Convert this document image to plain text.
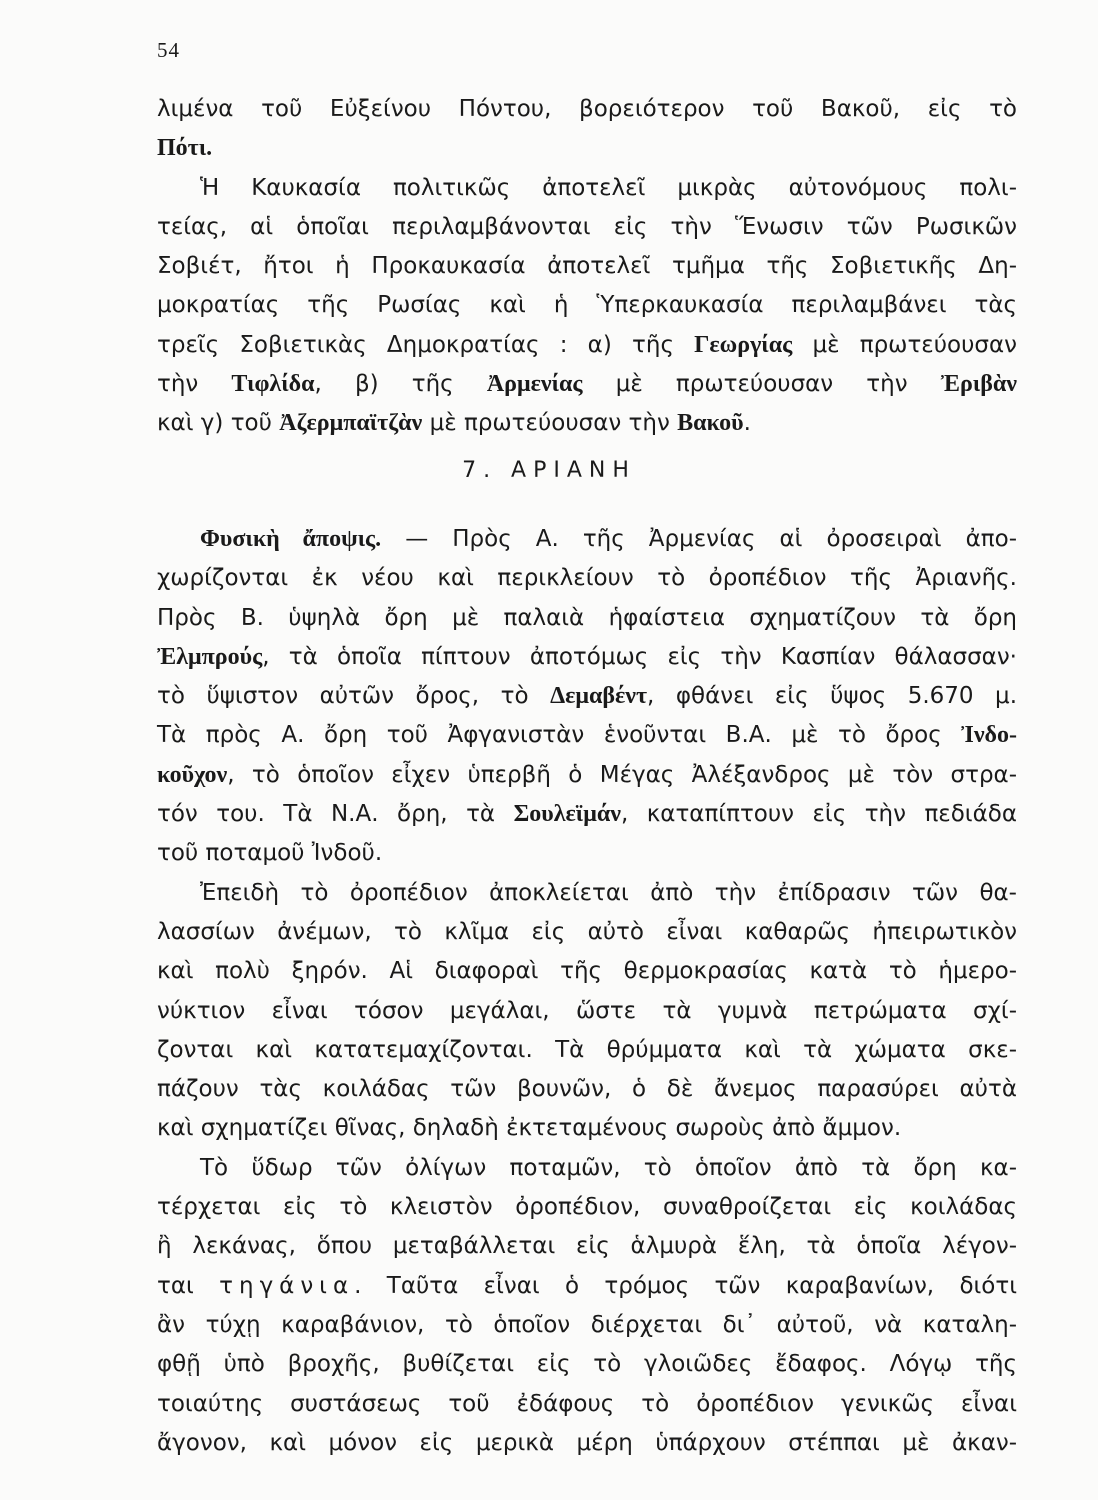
54
λιμένα τοῦ Εὐξείνου Πόντου, βορειότερον τοῦ Βακοῦ, εἰς τὸ
Πότι.
Ἡ Καυκασία πολιτικῶς ἀποτελεῖ μικρὰς αὐτονόμους πολι-
τείας, αἱ ὁποῖαι περιλαμβάνονται εἰς τὴν Ἕνωσιν τῶν Ρωσικῶν
Σοβιέτ, ἤτοι ἡ Προκαυκασία ἀποτελεῖ τμῆμα τῆς Σοβιετικῆς Δη-
μοκρατίας τῆς Ρωσίας καὶ ἡ Ὑπερκαυκασία περιλαμβάνει τὰς
τρεῖς Σοβιετικὰς Δημοκρατίας : α) τῆς Γεωργίας μὲ πρωτεύουσαν
τὴν Τιφλίδα, β) τῆς Ἀρμενίας μὲ πρωτεύουσαν τὴν Ἐριβὰν
καὶ γ) τοῦ Ἀζερμπαϊτζὰν μὲ πρωτεύουσαν τὴν Βακοῦ.
7. ΑΡΙΑΝΗ
Φυσικὴ ἄποψις. — Πρὸς Α. τῆς Ἀρμενίας αἱ ὀροσειραὶ ἀπο-
χωρίζονται ἐκ νέου καὶ περικλείουν τὸ ὀροπέδιον τῆς Ἀριανῆς.
Πρὸς Β. ὑψηλὰ ὄρη μὲ παλαιὰ ἡφαίστεια σχηματίζουν τὰ ὄρη
Ἐλμπρούς, τὰ ὁποῖα πίπτουν ἀποτόμως εἰς τὴν Κασπίαν θάλασσαν·
τὸ ὕψιστον αὐτῶν ὄρος, τὸ Δεμαβέντ, φθάνει εἰς ὕψος 5.670 μ.
Τὰ πρὸς Α. ὄρη τοῦ Ἀφγανιστὰν ἑνοῦνται Β.Α. μὲ τὸ ὄρος Ἰνδο-
κοῦχον, τὸ ὁποῖον εἶχεν ὑπερβῆ ὁ Μέγας Ἀλέξανδρος μὲ τὸν στρα-
τόν του. Τὰ Ν.Α. ὄρη, τὰ Σουλεϊμάν, καταπίπτουν εἰς τὴν πεδιάδα
τοῦ ποταμοῦ Ἰνδοῦ.
Ἐπειδὴ τὸ ὀροπέδιον ἀποκλείεται ἀπὸ τὴν ἐπίδρασιν τῶν θα-
λασσίων ἀνέμων, τὸ κλῖμα εἰς αὐτὸ εἶναι καθαρῶς ἠπειρωτικὸν
καὶ πολὺ ξηρόν. Αἱ διαφοραὶ τῆς θερμοκρασίας κατὰ τὸ ἡμερο-
νύκτιον εἶναι τόσον μεγάλαι, ὥστε τὰ γυμνὰ πετρώματα σχί-
ζονται καὶ κατατεμαχίζονται. Τὰ θρύμματα καὶ τὰ χώματα σκε-
πάζουν τὰς κοιλάδας τῶν βουνῶν, ὁ δὲ ἄνεμος παρασύρει αὐτὰ
καὶ σχηματίζει θῖνας, δηλαδὴ ἐκτεταμένους σωροὺς ἀπὸ ἄμμον.
Τὸ ὕδωρ τῶν ὀλίγων ποταμῶν, τὸ ὁποῖον ἀπὸ τὰ ὄρη κα-
τέρχεται εἰς τὸ κλειστὸν ὀροπέδιον, συναθροίζεται εἰς κοιλάδας
ἢ λεκάνας, ὅπου μεταβάλλεται εἰς ἁλμυρὰ ἕλη, τὰ ὁποῖα λέγον-
ται τηγάνια. Ταῦτα εἶναι ὁ τρόμος τῶν καραβανίων, διότι
ἂν τύχῃ καραβάνιον, τὸ ὁποῖον διέρχεται δι᾽ αὐτοῦ, νὰ καταλη-
φθῇ ὑπὸ βροχῆς, βυθίζεται εἰς τὸ γλοιῶδες ἔδαφος. Λόγῳ τῆς
τοιαύτης συστάσεως τοῦ ἐδάφους τὸ ὀροπέδιον γενικῶς εἶναι
ἄγονον, καὶ μόνον εἰς μερικὰ μέρη ὑπάρχουν στέππαι μὲ ἀκαν-
